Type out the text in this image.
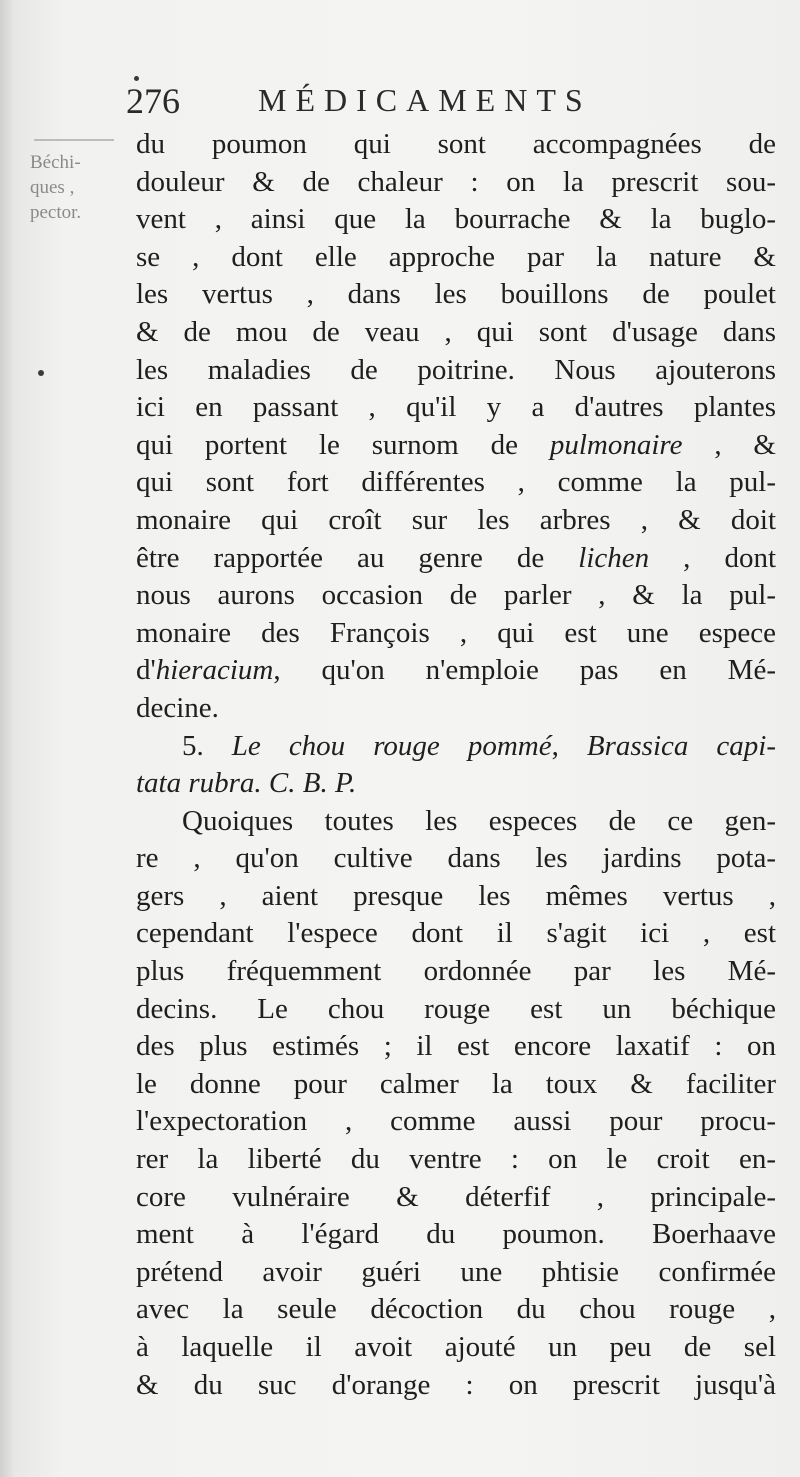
276 MÉDICAMENTS
Béchi-
ques ,
pector.
du poumon qui sont accompagnées de
douleur & de chaleur : on la prescrit sou-
vent , ainsi que la bourrache & la buglo-
se , dont elle approche par la nature &
les vertus , dans les bouillons de poulet
& de mou de veau , qui sont d'usage dans
les maladies de poitrine. Nous ajouterons
ici en passant , qu'il y a d'autres plantes
qui portent le surnom de pulmonaire , &
qui sont fort différentes , comme la pul-
monaire qui croît sur les arbres , & doit
être rapportée au genre de lichen , dont
nous aurons occasion de parler , & la pul-
monaire des François , qui est une espece
d'hieracium, qu'on n'emploie pas en Mé-
decine.
5. Le chou rouge pommé, Brassica capi-
tata rubra. C. B. P.
Quoiques toutes les especes de ce gen-
re , qu'on cultive dans les jardins pota-
gers , aient presque les mêmes vertus ,
cependant l'espece dont il s'agit ici , est
plus fréquemment ordonnée par les Mé-
decins. Le chou rouge est un béchique
des plus estimés ; il est encore laxatif : on
le donne pour calmer la toux & faciliter
l'expectoration , comme aussi pour procu-
rer la liberté du ventre : on le croit en-
core vulnéraire & déterfif , principale-
ment à l'égard du poumon. Boerhaave
prétend avoir guéri une phtisie confirmée
avec la seule décoction du chou rouge ,
à laquelle il avoit ajouté un peu de sel
& du suc d'orange : on prescrit jusqu'à
